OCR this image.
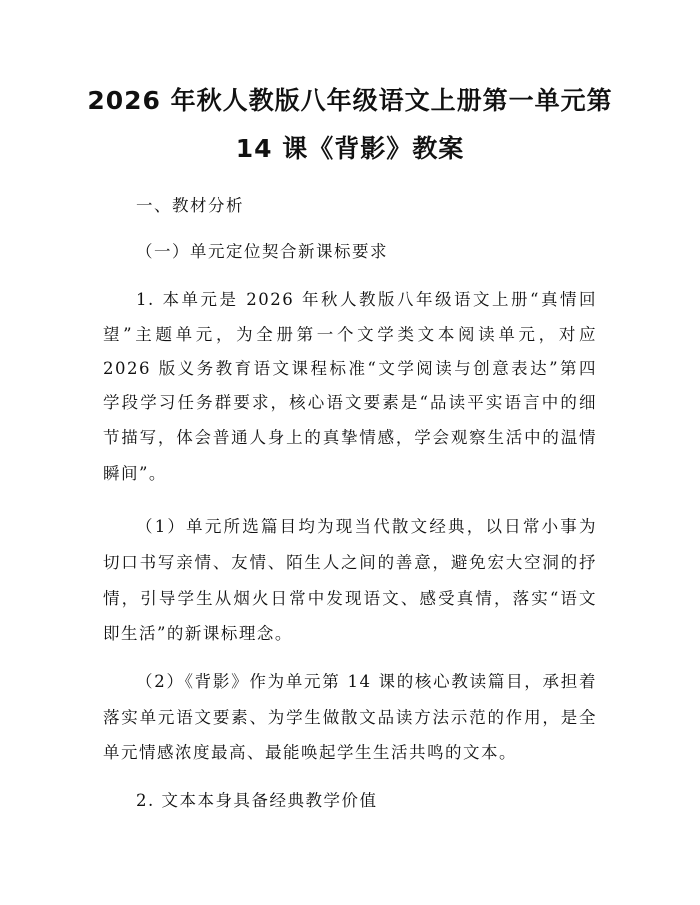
2026 年秋人教版八年级语文上册第一单元第
14 课《背影》教案
一、教材分析
（一）单元定位契合新课标要求
1. 本单元是 2026 年秋人教版八年级语文上册“真情回
望”主题单元，为全册第一个文学类文本阅读单元，对应
2026 版义务教育语文课程标准“文学阅读与创意表达”第四
学段学习任务群要求，核心语文要素是“品读平实语言中的细
节描写，体会普通人身上的真挚情感，学会观察生活中的温情
瞬间”。
（1）单元所选篇目均为现当代散文经典，以日常小事为
切口书写亲情、友情、陌生人之间的善意，避免宏大空洞的抒
情，引导学生从烟火日常中发现语文、感受真情，落实“语文
即生活”的新课标理念。
（2）《背影》作为单元第 14 课的核心教读篇目，承担着
落实单元语文要素、为学生做散文品读方法示范的作用，是全
单元情感浓度最高、最能唤起学生生活共鸣的文本。
2. 文本本身具备经典教学价值
